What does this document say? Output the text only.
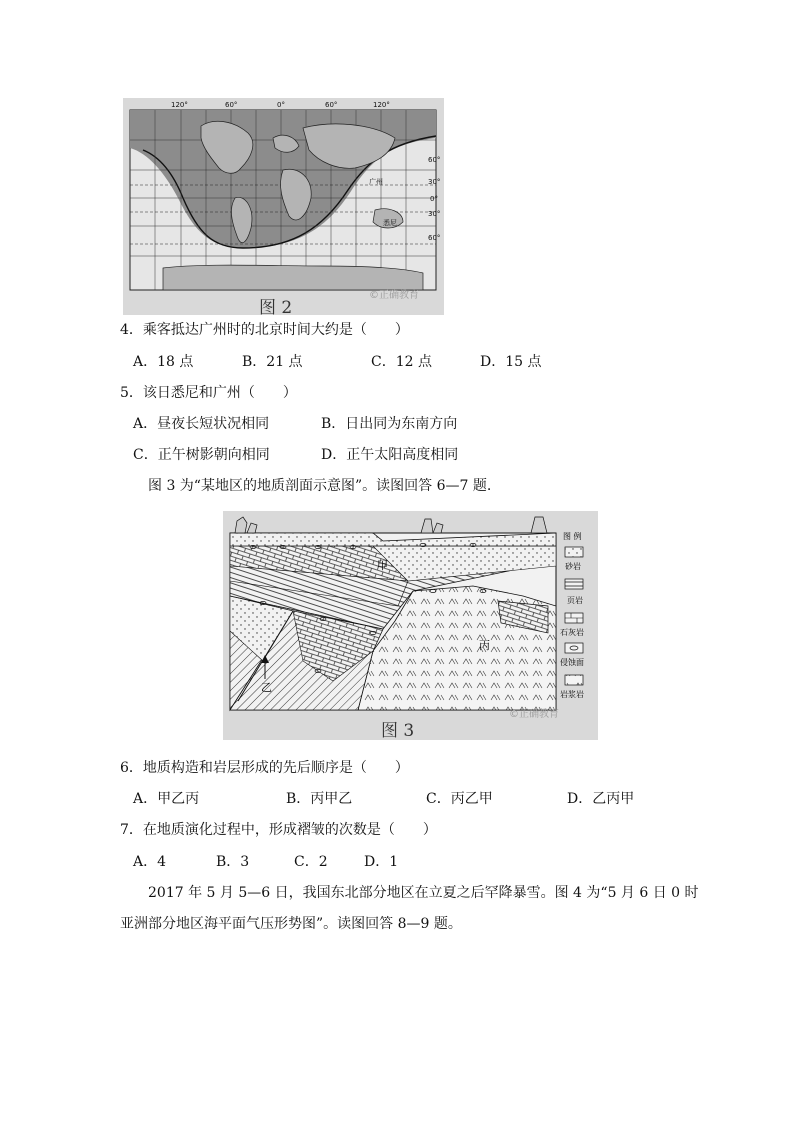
120°	60°	0°	60°	120°
60°
30°
0°
30°
60°
广州
悉尼
图 2
©正确教育
4．乘客抵达广州时的北京时间大约是（　　）
A．18 点	B．21 点	C．12 点	D．15 点
5．该日悉尼和广州（　　）
A．昼夜长短状况相同	B．日出同为东南方向
C．正午树影朝向相同	D．正午太阳高度相同
图 3 为“某地区的地质剖面示意图”。读图回答 6—7 题.
图 例
砂岩
页岩
石灰岩
侵蚀面
岩浆岩
甲
乙
丙
图 3
©正确教育
6．地质构造和岩层形成的先后顺序是（　　）
A．甲乙丙	B．丙甲乙	C．丙乙甲	D．乙丙甲
7．在地质演化过程中，形成褶皱的次数是（　　）
A．4	B．3	C．2	D．1
2017 年 5 月 5—6 日，我国东北部分地区在立夏之后罕降暴雪。图 4 为“5 月 6 日 0 时
亚洲部分地区海平面气压形势图”。读图回答 8—9 题。
